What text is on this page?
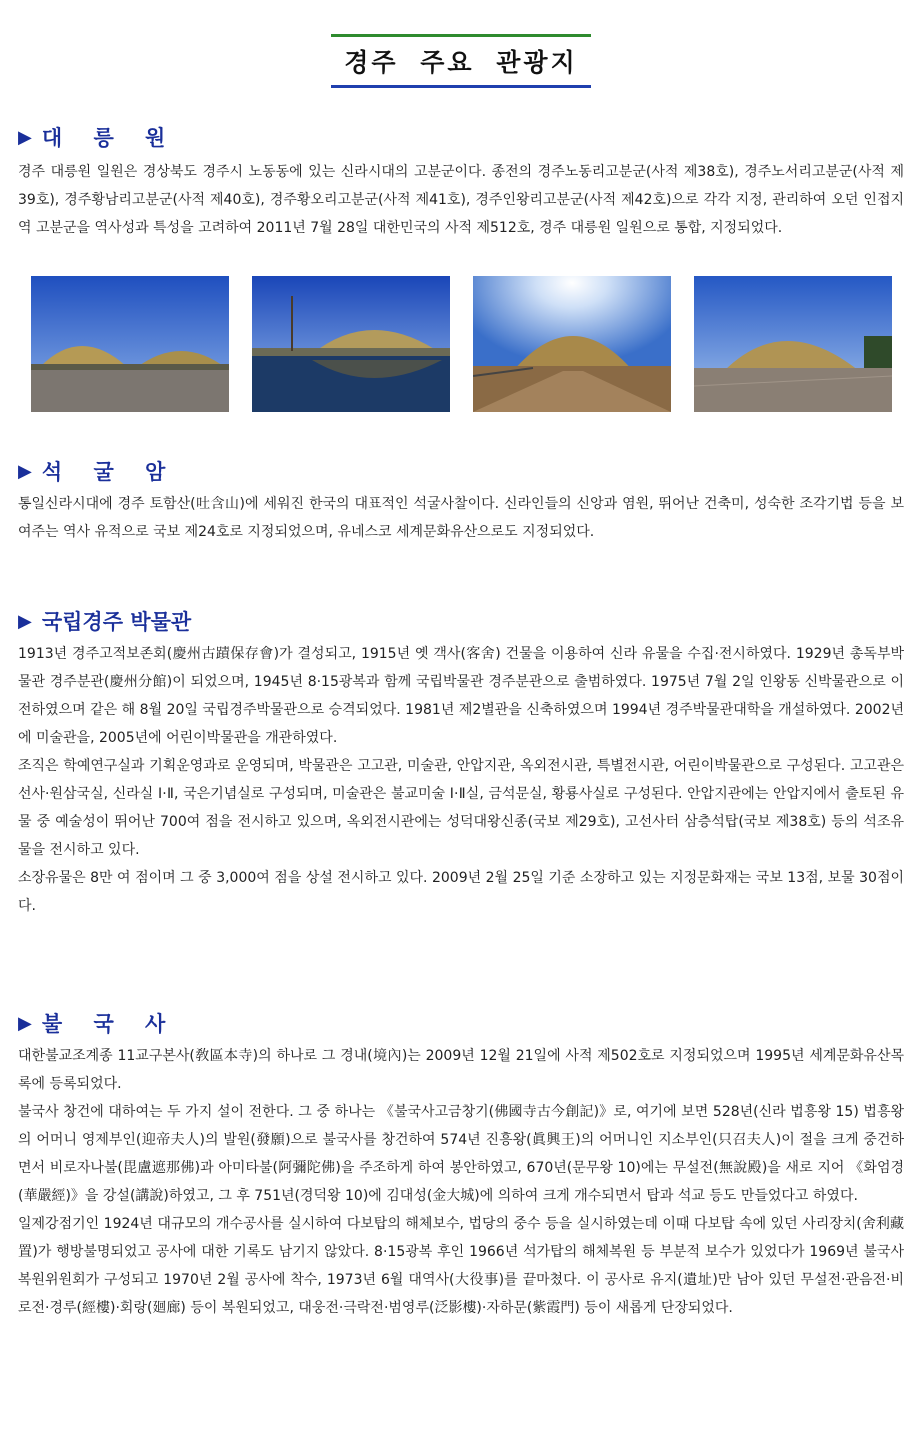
경주 주요 관광지
▶ 대 릉 원

경주 대릉원 일원은 경상북도 경주시 노동동에 있는 신라시대의 고분군이다. 종전의 경주노동리고분군(사적 제38호), 경주노서리고분군(사적 제39호), 경주황남리고분군(사적 제40호), 경주황오리고분군(사적 제41호), 경주인왕리고분군(사적 제42호)으로 각각 지정, 관리하여 오던 인접지역 고분군을 역사성과 특성을 고려하여 2011년 7월 28일 대한민국의 사적 제512호, 경주 대릉원 일원으로 통합, 지정되었다.

▶ 석 굴 암

통일신라시대에 경주 토함산(吐含山)에 세워진 한국의 대표적인 석굴사찰이다. 신라인들의 신앙과 염원, 뛰어난 건축미, 성숙한 조각기법 등을 보여주는 역사 유적으로 국보 제24호로 지정되었으며, 유네스코 세계문화유산으로도 지정되었다.

▶ 국립경주 박물관

1913년 경주고적보존회(慶州古蹟保存會)가 결성되고, 1915년 옛 객사(客舍) 건물을 이용하여 신라 유물을 수집·전시하였다. 1929년 총독부박물관 경주분관(慶州分館)이 되었으며, 1945년 8·15광복과 함께 국립박물관 경주분관으로 출범하였다. 1975년 7월 2일 인왕동 신박물관으로 이전하였으며 같은 해 8월 20일 국립경주박물관으로 승격되었다. 1981년 제2별관을 신축하였으며 1994년 경주박물관대학을 개설하였다. 2002년에 미술관을, 2005년에 어린이박물관을 개관하였다.

조직은 학예연구실과 기획운영과로 운영되며, 박물관은 고고관, 미술관, 안압지관, 옥외전시관, 특별전시관, 어린이박물관으로 구성된다. 고고관은 선사·원삼국실, 신라실 Ⅰ·Ⅱ, 국은기념실로 구성되며, 미술관은 불교미술 Ⅰ·Ⅱ실, 금석문실, 황룡사실로 구성된다. 안압지관에는 안압지에서 출토된 유물 중 예술성이 뛰어난 700여 점을 전시하고 있으며, 옥외전시관에는 성덕대왕신종(국보 제29호), 고선사터 삼층석탑(국보 제38호) 등의 석조유물을 전시하고 있다.

소장유물은 8만 여 점이며 그 중 3,000여 점을 상설 전시하고 있다. 2009년 2월 25일 기준 소장하고 있는 지정문화재는 국보 13점, 보물 30점이다.

▶ 불 국 사

대한불교조계종 11교구본사(敎區本寺)의 하나로 그 경내(境內)는 2009년 12월 21일에 사적 제502호로 지정되었으며 1995년 세계문화유산목록에 등록되었다.

불국사 창건에 대하여는 두 가지 설이 전한다. 그 중 하나는 《불국사고금창기(佛國寺古今創記)》로, 여기에 보면 528년(신라 법흥왕 15) 법흥왕의 어머니 영제부인(迎帝夫人)의 발원(發願)으로 불국사를 창건하여 574년 진흥왕(眞興王)의 어머니인 지소부인(只召夫人)이 절을 크게 중건하면서 비로자나불(毘盧遮那佛)과 아미타불(阿彌陀佛)을 주조하게 하여 봉안하였고, 670년(문무왕 10)에는 무설전(無說殿)을 새로 지어 《화엄경(華嚴經)》을 강설(講說)하였고, 그 후 751년(경덕왕 10)에 김대성(金大城)에 의하여 크게 개수되면서 탑과 석교 등도 만들었다고 하였다.

일제강점기인 1924년 대규모의 개수공사를 실시하여 다보탑의 해체보수, 법당의 중수 등을 실시하였는데 이때 다보탑 속에 있던 사리장치(舍利藏置)가 행방불명되었고 공사에 대한 기록도 남기지 않았다. 8·15광복 후인 1966년 석가탑의 해체복원 등 부분적 보수가 있었다가 1969년 불국사 복원위원회가 구성되고 1970년 2월 공사에 착수, 1973년 6월 대역사(大役事)를 끝마쳤다. 이 공사로 유지(遺址)만 남아 있던 무설전·관음전·비로전·경루(經樓)·회랑(廻廊) 등이 복원되었고, 대웅전·극락전·범영루(泛影樓)·자하문(紫霞門) 등이 새롭게 단장되었다.
